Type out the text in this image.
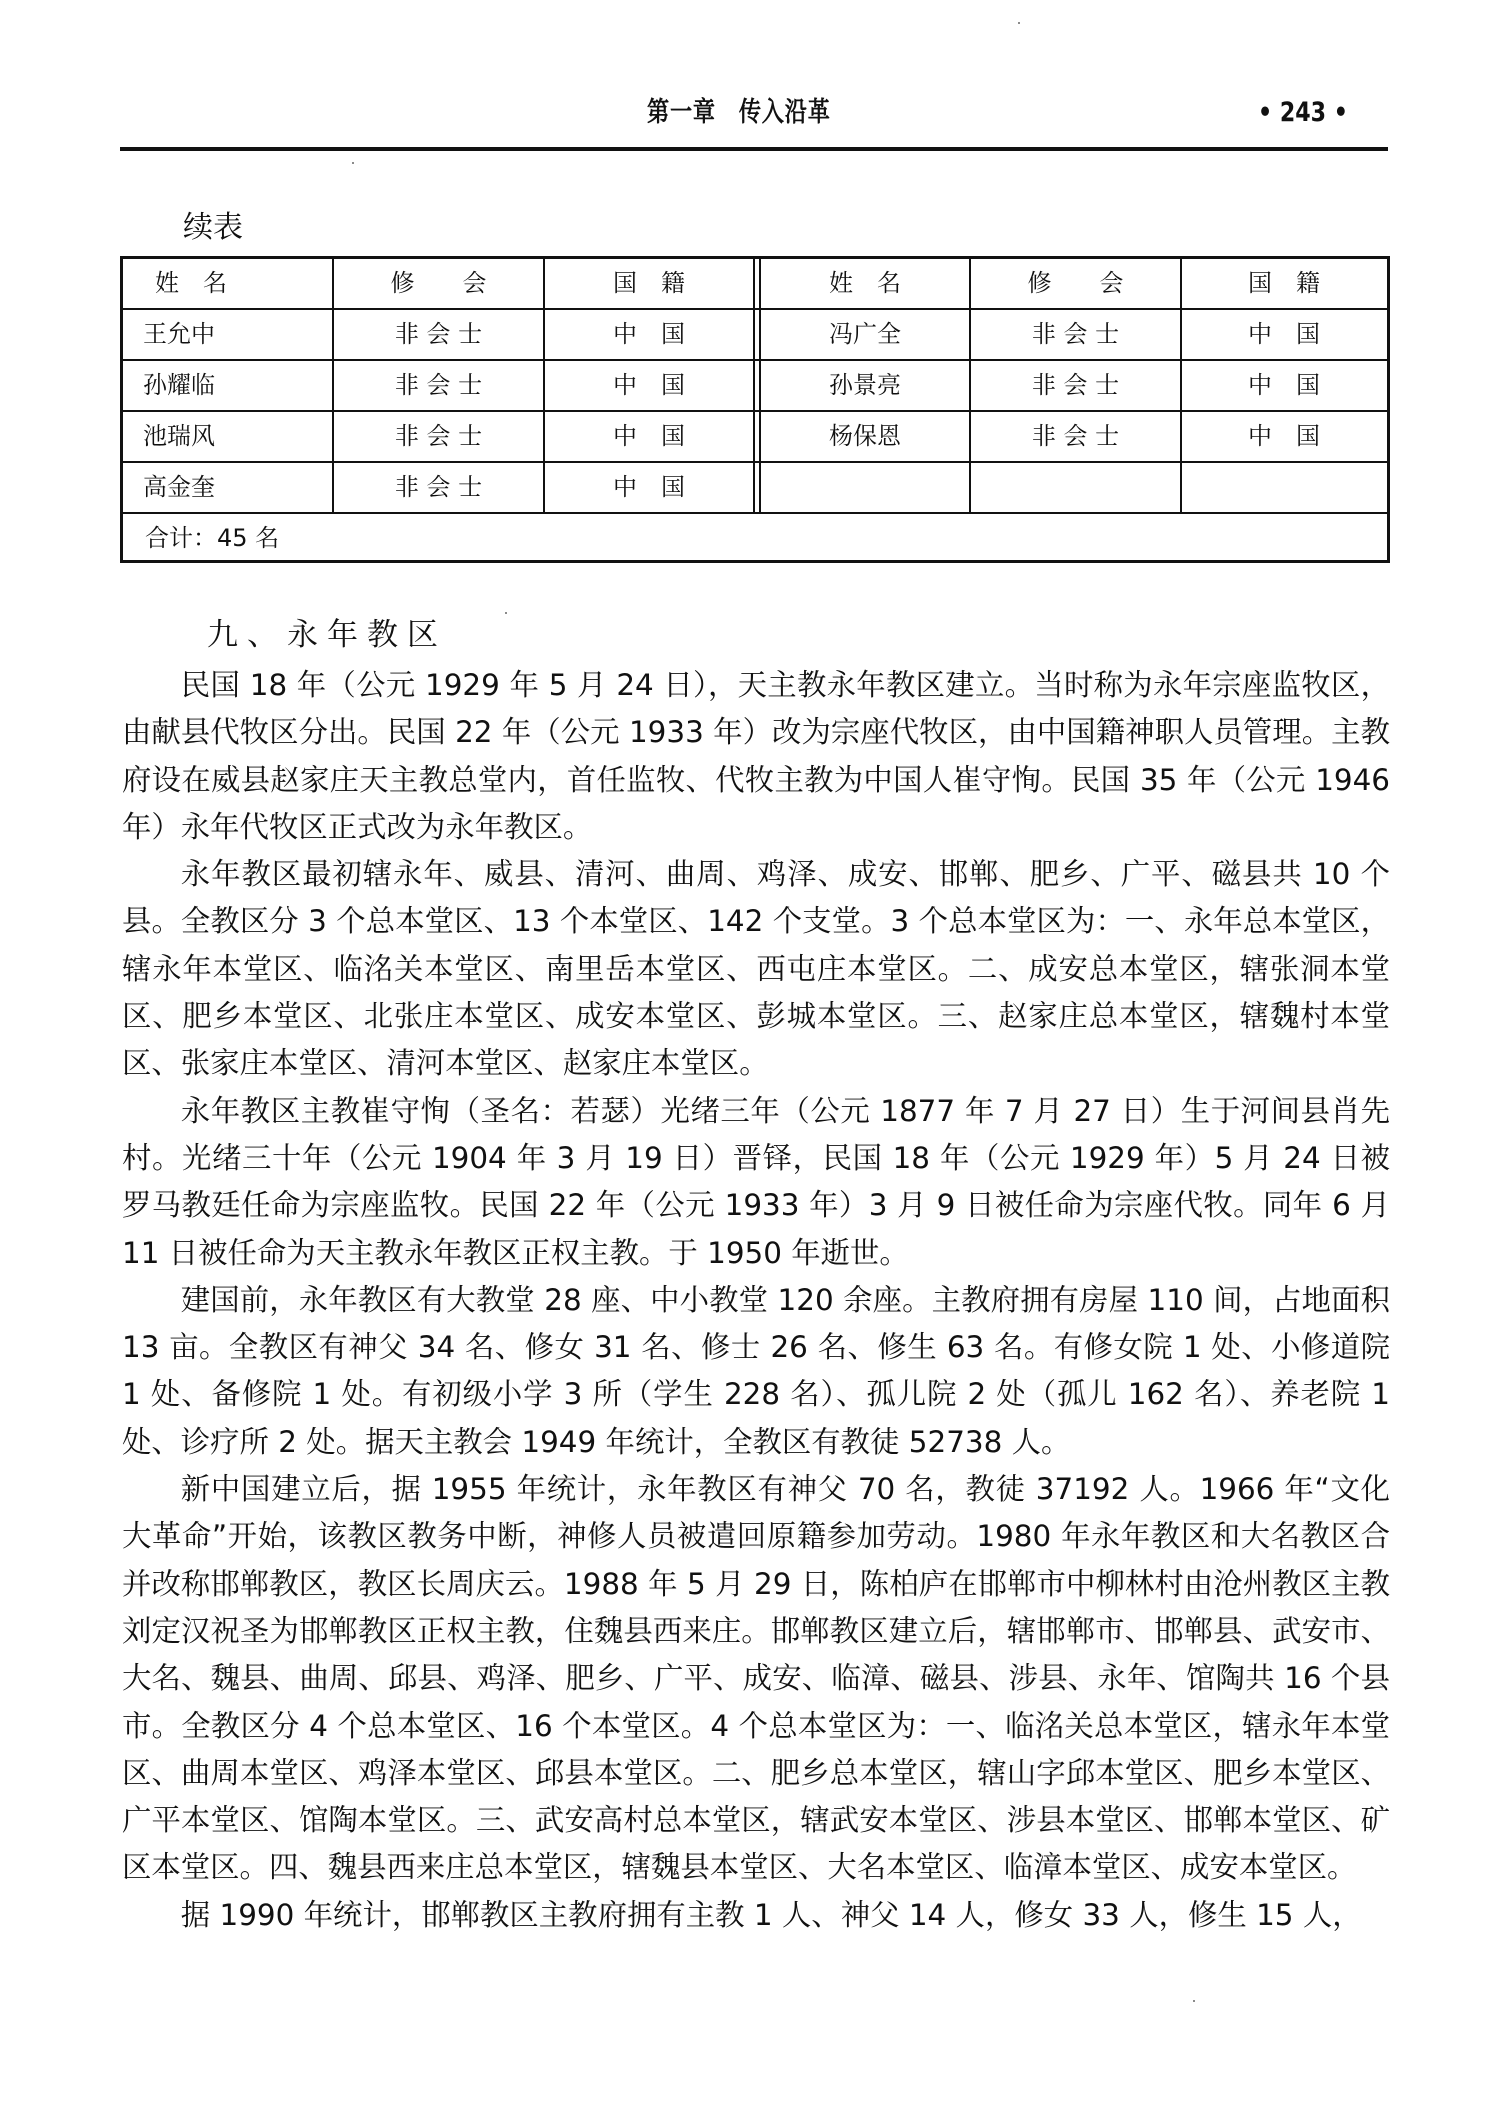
第一章　传入沿革	• 243 •
续表
姓　名	修　　会	国　籍	姓　名	修　　会	国　籍
王允中	非 会 士	中　国	冯广全	非 会 士	中　国
孙耀临	非 会 士	中　国	孙景亮	非 会 士	中　国
池瑞风	非 会 士	中　国	杨保恩	非 会 士	中　国
高金奎	非 会 士	中　国
合计：45 名
九、永年教区

民国 18 年（公元 1929 年 5 月 24 日），天主教永年教区建立。当时称为永年宗座监牧区，由献县代牧区分出。民国 22 年（公元 1933 年）改为宗座代牧区，由中国籍神职人员管理。主教府设在威县赵家庄天主教总堂内，首任监牧、代牧主教为中国人崔守恂。民国 35 年（公元 1946 年）永年代牧区正式改为永年教区。

永年教区最初辖永年、威县、清河、曲周、鸡泽、成安、邯郸、肥乡、广平、磁县共 10 个县。全教区分 3 个总本堂区、13 个本堂区、142 个支堂。3 个总本堂区为：一、永年总本堂区，辖永年本堂区、临洺关本堂区、南里岳本堂区、西屯庄本堂区。二、成安总本堂区，辖张洞本堂区、肥乡本堂区、北张庄本堂区、成安本堂区、彭城本堂区。三、赵家庄总本堂区，辖魏村本堂区、张家庄本堂区、清河本堂区、赵家庄本堂区。

永年教区主教崔守恂（圣名：若瑟）光绪三年（公元 1877 年 7 月 27 日）生于河间县肖先村。光绪三十年（公元 1904 年 3 月 19 日）晋铎，民国 18 年（公元 1929 年）5 月 24 日被罗马教廷任命为宗座监牧。民国 22 年（公元 1933 年）3 月 9 日被任命为宗座代牧。同年 6 月 11 日被任命为天主教永年教区正权主教。于 1950 年逝世。

建国前，永年教区有大教堂 28 座、中小教堂 120 余座。主教府拥有房屋 110 间，占地面积 13 亩。全教区有神父 34 名、修女 31 名、修士 26 名、修生 63 名。有修女院 1 处、小修道院 1 处、备修院 1 处。有初级小学 3 所（学生 228 名）、孤儿院 2 处（孤儿 162 名）、养老院 1 处、诊疗所 2 处。据天主教会 1949 年统计，全教区有教徒 52738 人。

新中国建立后，据 1955 年统计，永年教区有神父 70 名，教徒 37192 人。1966 年“文化大革命”开始，该教区教务中断，神修人员被遣回原籍参加劳动。1980 年永年教区和大名教区合并改称邯郸教区，教区长周庆云。1988 年 5 月 29 日，陈柏庐在邯郸市中柳林村由沧州教区主教刘定汉祝圣为邯郸教区正权主教，住魏县西来庄。邯郸教区建立后，辖邯郸市、邯郸县、武安市、大名、魏县、曲周、邱县、鸡泽、肥乡、广平、成安、临漳、磁县、涉县、永年、馆陶共 16 个县市。全教区分 4 个总本堂区、16 个本堂区。4 个总本堂区为：一、临洺关总本堂区，辖永年本堂区、曲周本堂区、鸡泽本堂区、邱县本堂区。二、肥乡总本堂区，辖山字邱本堂区、肥乡本堂区、广平本堂区、馆陶本堂区。三、武安高村总本堂区，辖武安本堂区、涉县本堂区、邯郸本堂区、矿区本堂区。四、魏县西来庄总本堂区，辖魏县本堂区、大名本堂区、临漳本堂区、成安本堂区。

据 1990 年统计，邯郸教区主教府拥有主教 1 人、神父 14 人，修女 33 人，修生 15 人，
